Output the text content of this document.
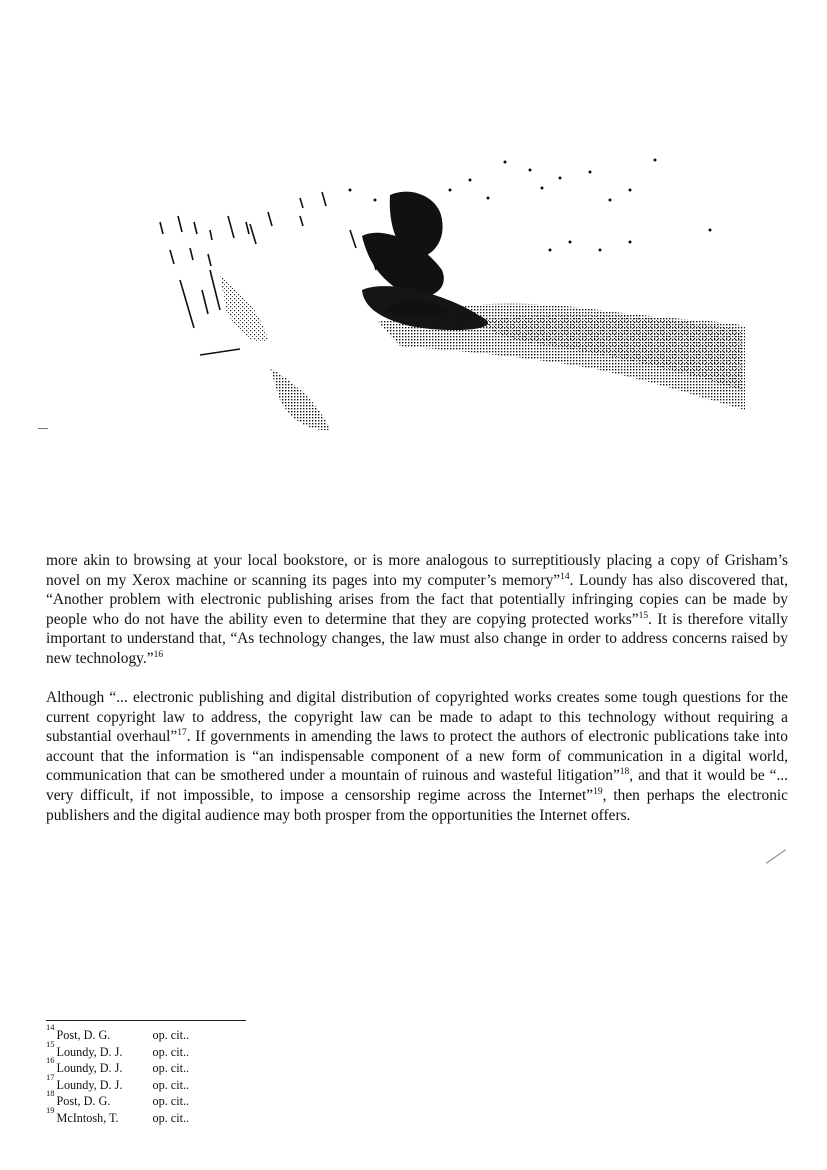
more akin to browsing at your local bookstore, or is more analogous to surreptitiously placing a copy of Grisham’s novel on my Xerox machine or scanning its pages into my computer’s memory”$^{14}$. Loundy has also discovered that, “Another problem with electronic publishing arises from the fact that potentially infringing copies can be made by people who do not have the ability even to determine that they are copying protected works”$^{15}$. It is therefore vitally important to understand that, “As technology changes, the law must also change in order to address concerns raised by new technology.”$^{16}$

Although “... electronic publishing and digital distribution of copyrighted works creates some tough questions for the current copyright law to address, the copyright law can be made to adapt to this technology without requiring a substantial overhaul”$^{17}$. If governments in amending the laws to protect the authors of electronic publications take into account that the information is “an indispensable component of a new form of communication in a digital world, communication that can be smothered under a mountain of ruinous and wasteful litigation”$^{18}$, and that it would be “... very difficult, if not impossible, to impose a censorship regime across the Internet”$^{19}$, then perhaps the electronic publishers and the digital audience may both prosper from the opportunities the Internet offers.

14
Post, D. G.	op. cit..
15
Loundy, D. J.	op. cit..
16
Loundy, D. J.	op. cit..
17
Loundy, D. J.	op. cit..
18
Post, D. G.	op. cit..
19
McIntosh, T.	op. cit..
